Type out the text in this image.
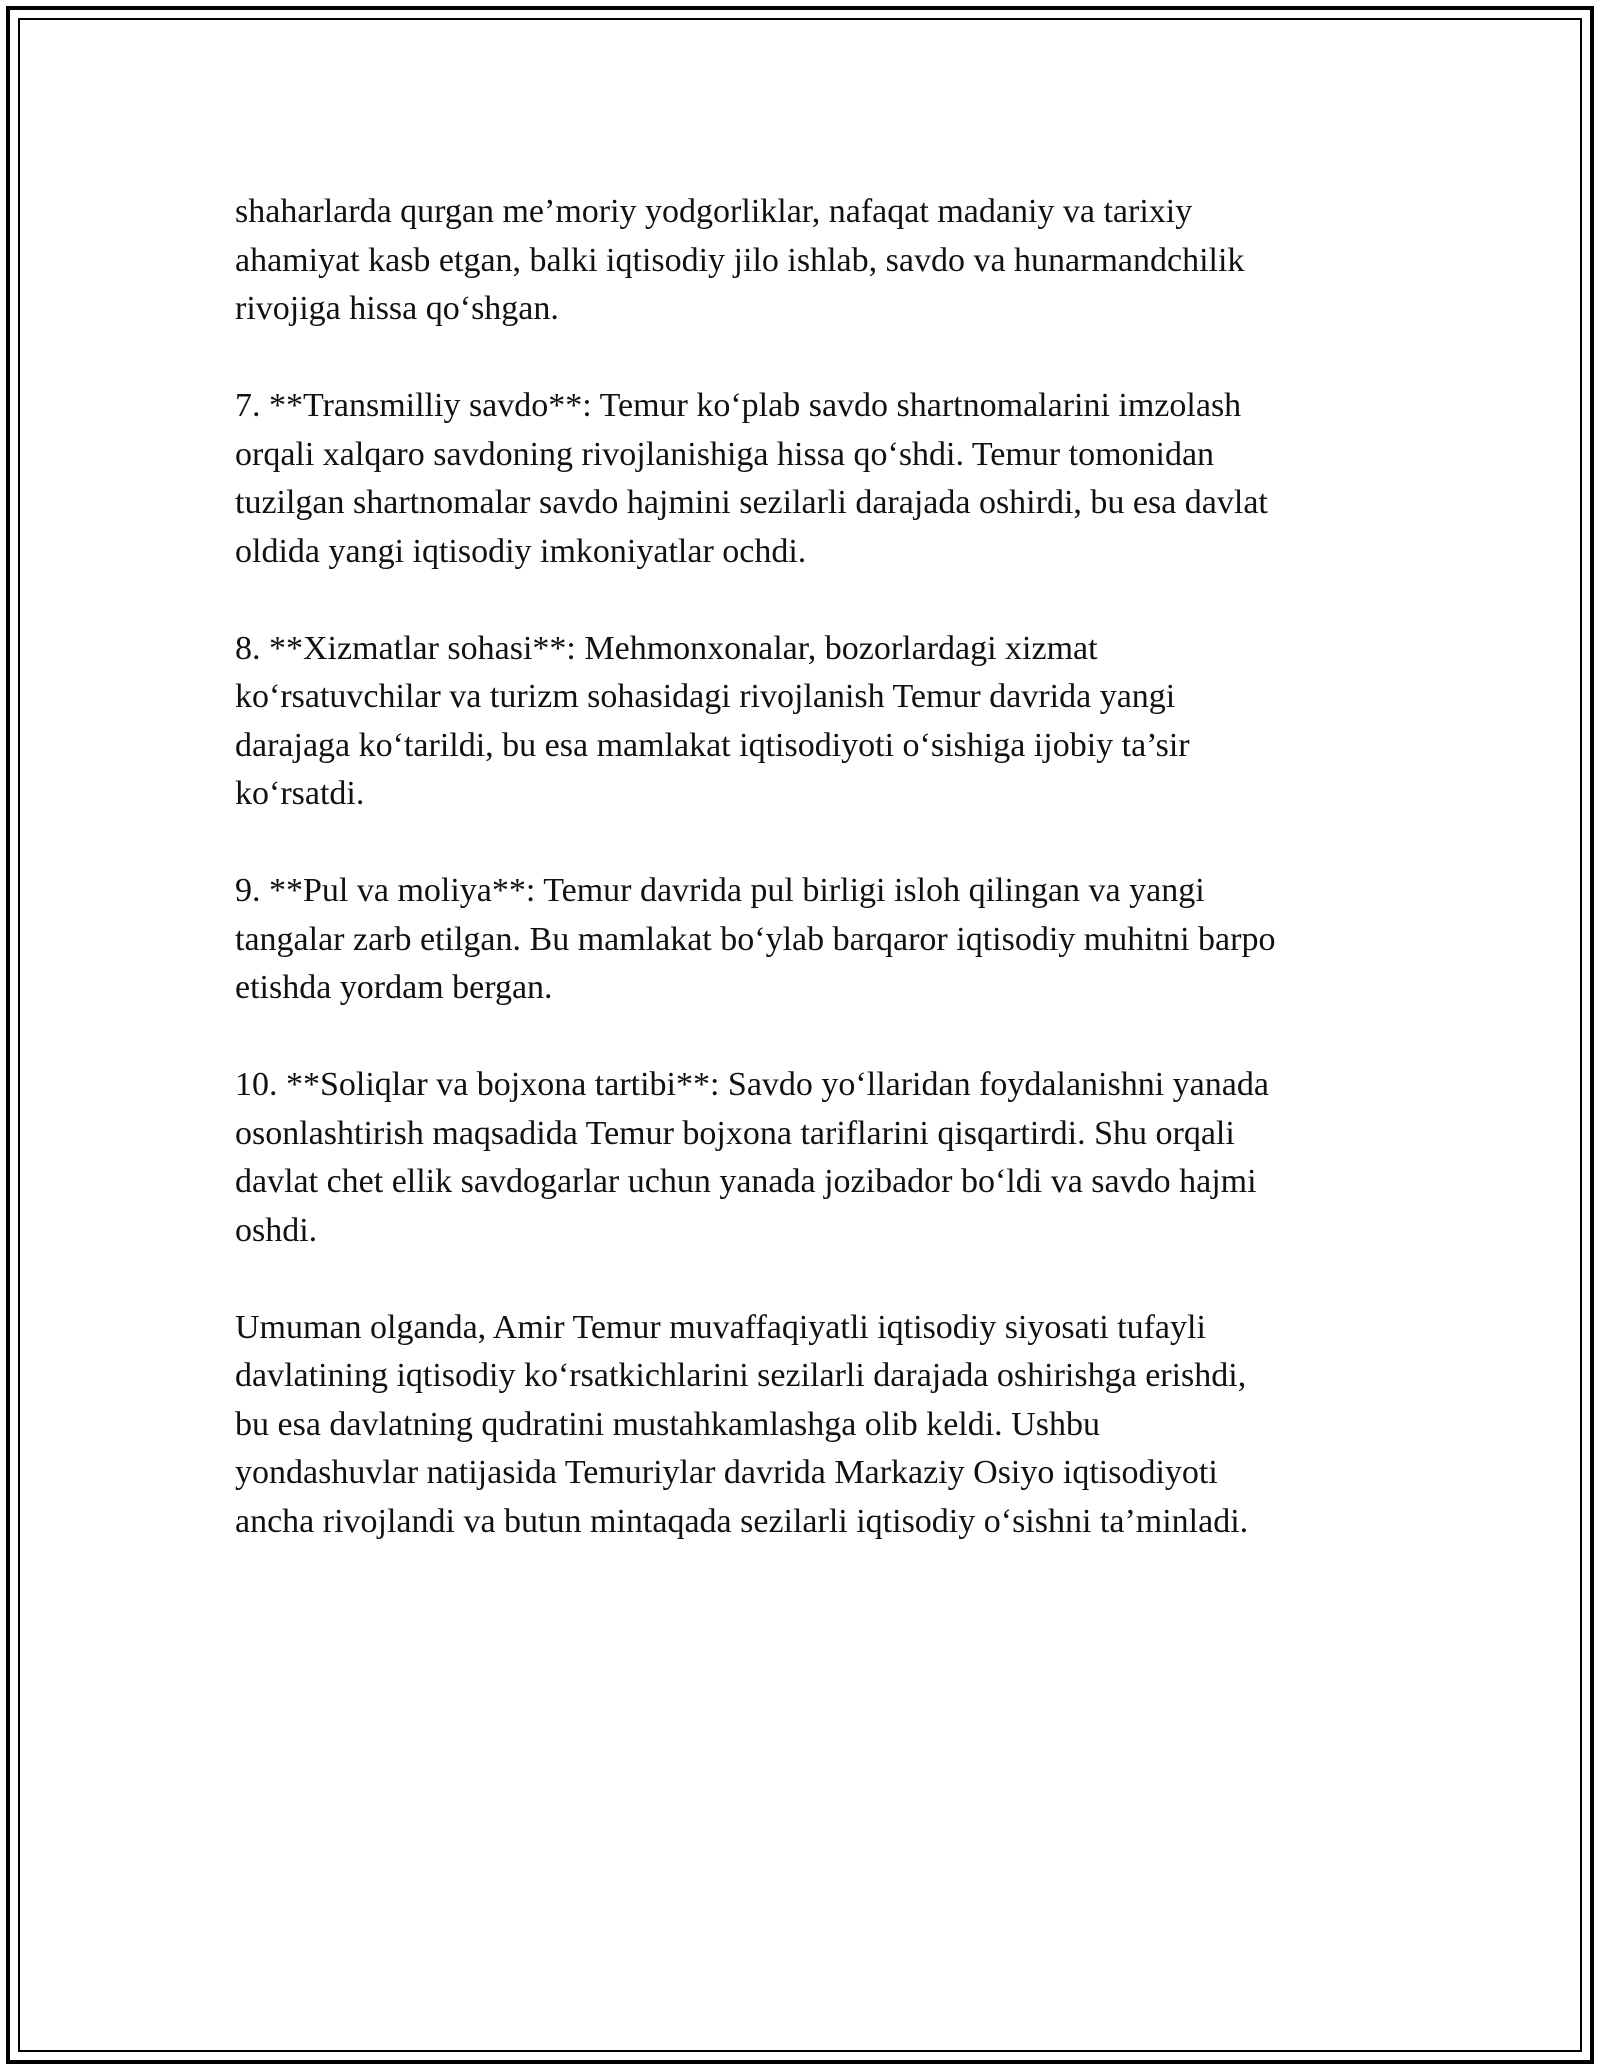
shaharlarda qurgan me’moriy yodgorliklar, nafaqat madaniy va tarixiy
ahamiyat kasb etgan, balki iqtisodiy jilo ishlab, savdo va hunarmandchilik
rivojiga hissa qo‘shgan.

7. **Transmilliy savdo**: Temur ko‘plab savdo shartnomalarini imzolash
orqali xalqaro savdoning rivojlanishiga hissa qo‘shdi. Temur tomonidan
tuzilgan shartnomalar savdo hajmini sezilarli darajada oshirdi, bu esa davlat
oldida yangi iqtisodiy imkoniyatlar ochdi.

8. **Xizmatlar sohasi**: Mehmonxonalar, bozorlardagi xizmat
ko‘rsatuvchilar va turizm sohasidagi rivojlanish Temur davrida yangi
darajaga ko‘tarildi, bu esa mamlakat iqtisodiyoti o‘sishiga ijobiy ta’sir
ko‘rsatdi.

9. **Pul va moliya**: Temur davrida pul birligi isloh qilingan va yangi
tangalar zarb etilgan. Bu mamlakat bo‘ylab barqaror iqtisodiy muhitni barpo
etishda yordam bergan.

10. **Soliqlar va bojxona tartibi**: Savdo yo‘llaridan foydalanishni yanada
osonlashtirish maqsadida Temur bojxona tariflarini qisqartirdi. Shu orqali
davlat chet ellik savdogarlar uchun yanada jozibador bo‘ldi va savdo hajmi
oshdi.

Umuman olganda, Amir Temur muvaffaqiyatli iqtisodiy siyosati tufayli
davlatining iqtisodiy ko‘rsatkichlarini sezilarli darajada oshirishga erishdi,
bu esa davlatning qudratini mustahkamlashga olib keldi. Ushbu
yondashuvlar natijasida Temuriylar davrida Markaziy Osiyo iqtisodiyoti
ancha rivojlandi va butun mintaqada sezilarli iqtisodiy o‘sishni ta’minladi.
